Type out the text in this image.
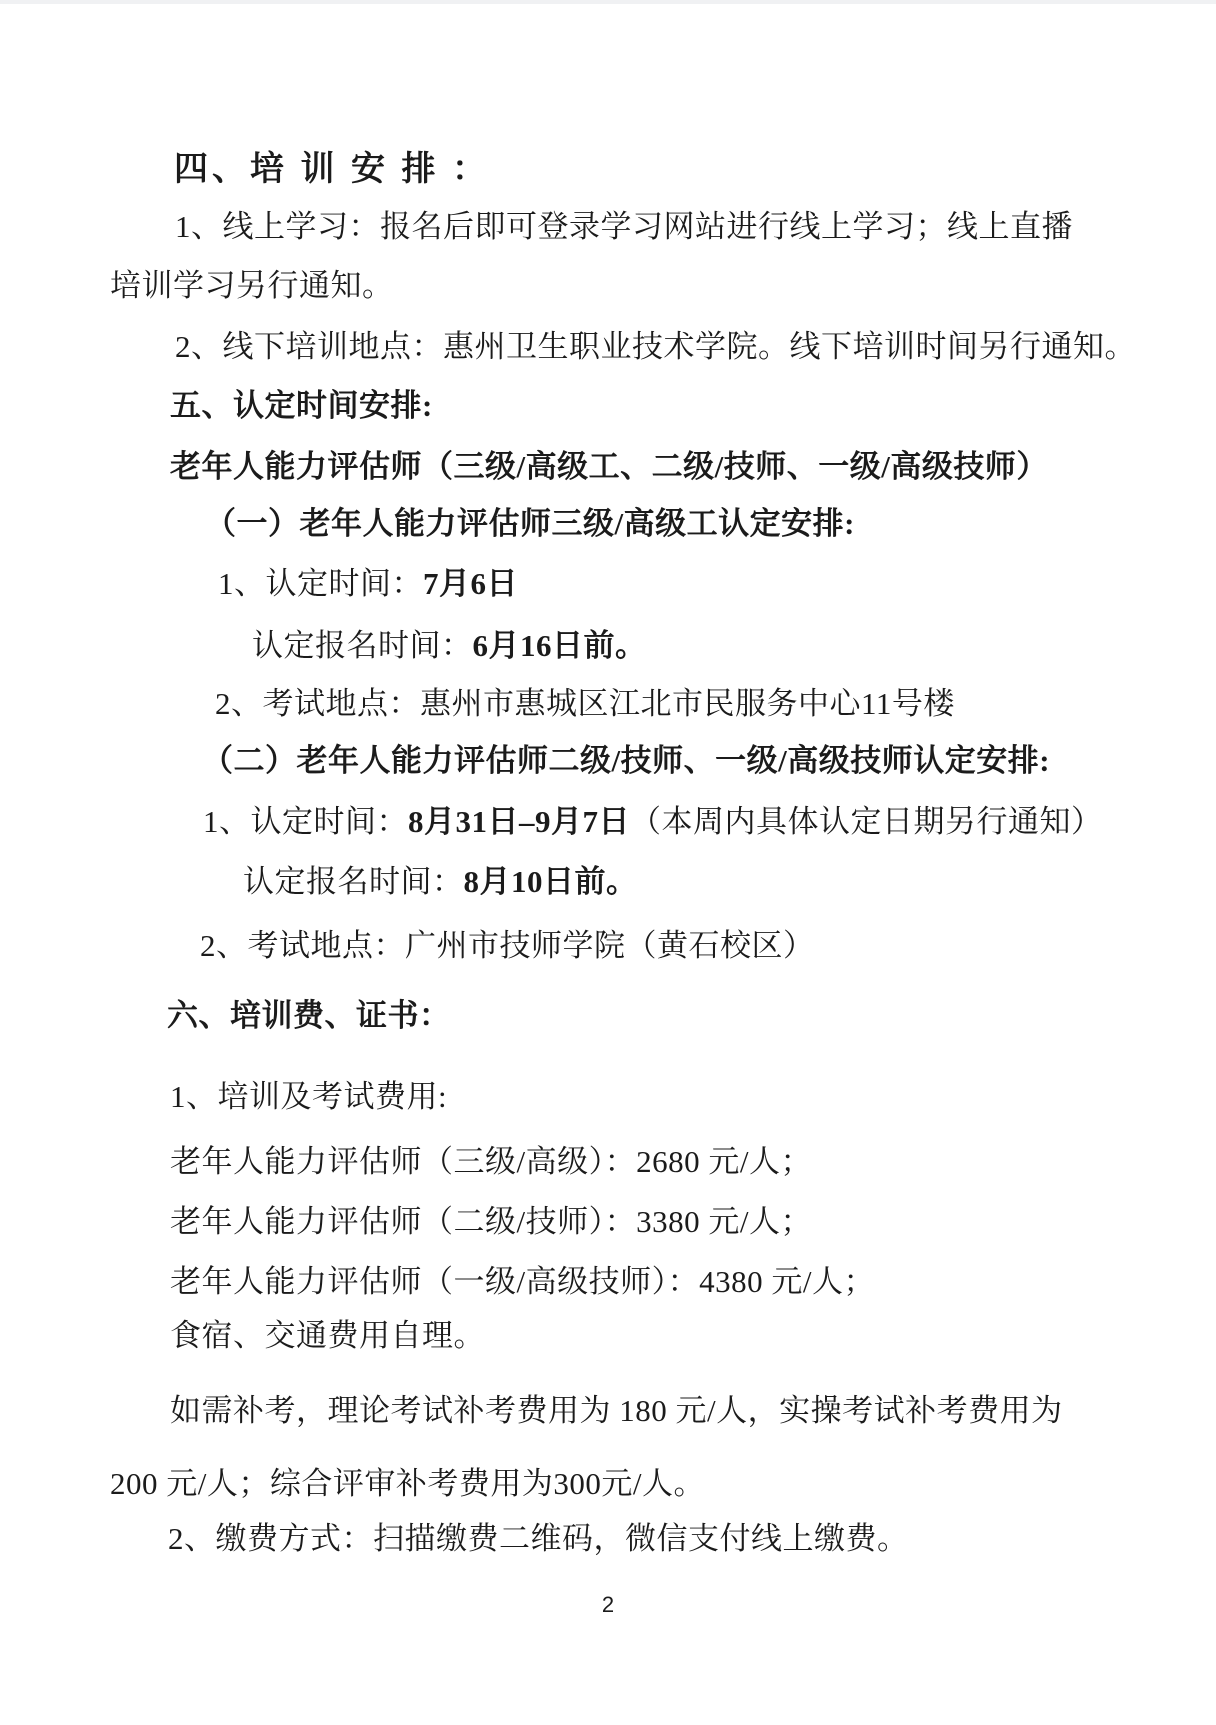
四、培 训 安 排 ：

1、线上学习：报名后即可登录学习网站进行线上学习；线上直播

培训学习另行通知。

2、线下培训地点：惠州卫生职业技术学院。线下培训时间另行通知。

五、认定时间安排:

老年人能力评估师（三级/高级工、二级/技师、一级/高级技师）

（一）老年人能力评估师三级/高级工认定安排:

1、认定时间：7月6日

认定报名时间：6月16日前。

2、考试地点：惠州市惠城区江北市民服务中心11号楼

（二）老年人能力评估师二级/技师、一级/高级技师认定安排:

1、认定时间：8月31日–9月7日（本周内具体认定日期另行通知）

认定报名时间：8月10日前。

2、考试地点：广州市技师学院（黄石校区）

六、培训费、证书：

1、培训及考试费用:

老年人能力评估师（三级/高级）：2680 元/人；

老年人能力评估师（二级/技师）：3380 元/人；

老年人能力评估师（一级/高级技师）：4380 元/人；

食宿、交通费用自理。

如需补考，理论考试补考费用为 180 元/人，实操考试补考费用为

200 元/人；综合评审补考费用为300元/人。

2、缴费方式：扫描缴费二维码，微信支付线上缴费。

2
